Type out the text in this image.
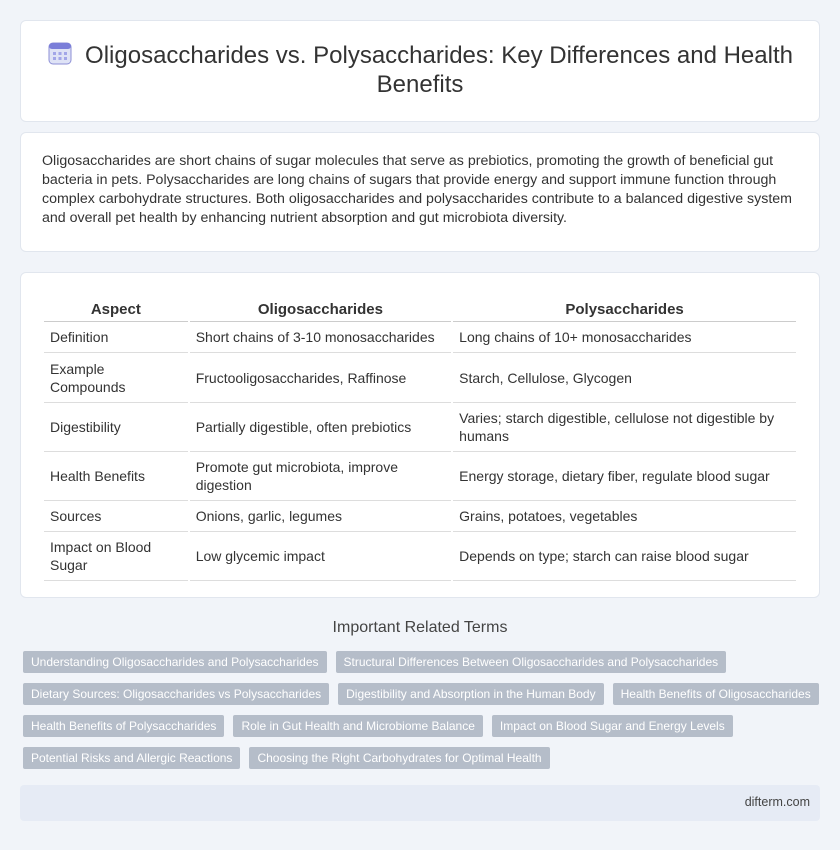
Oligosaccharides vs. Polysaccharides: Key Differences and Health Benefits

Oligosaccharides are short chains of sugar molecules that serve as prebiotics, promoting the growth of beneficial gut bacteria in pets. Polysaccharides are long chains of sugars that provide energy and support immune function through complex carbohydrate structures. Both oligosaccharides and polysaccharides contribute to a balanced digestive system and overall pet health by enhancing nutrient absorption and gut microbiota diversity.

Aspect	Oligosaccharides	Polysaccharides
Definition	Short chains of 3-10 monosaccharides	Long chains of 10+ monosaccharides
Example Compounds	Fructooligosaccharides, Raffinose	Starch, Cellulose, Glycogen
Digestibility	Partially digestible, often prebiotics	Varies; starch digestible, cellulose not digestible by humans
Health Benefits	Promote gut microbiota, improve digestion	Energy storage, dietary fiber, regulate blood sugar
Sources	Onions, garlic, legumes	Grains, potatoes, vegetables
Impact on Blood Sugar	Low glycemic impact	Depends on type; starch can raise blood sugar
Important Related Terms
Understanding Oligosaccharides and Polysaccharides	Structural Differences Between Oligosaccharides and Polysaccharides
Dietary Sources: Oligosaccharides vs Polysaccharides	Digestibility and Absorption in the Human Body	Health Benefits of Oligosaccharides
Health Benefits of Polysaccharides	Role in Gut Health and Microbiome Balance	Impact on Blood Sugar and Energy Levels
Potential Risks and Allergic Reactions	Choosing the Right Carbohydrates for Optimal Health
difterm.com
